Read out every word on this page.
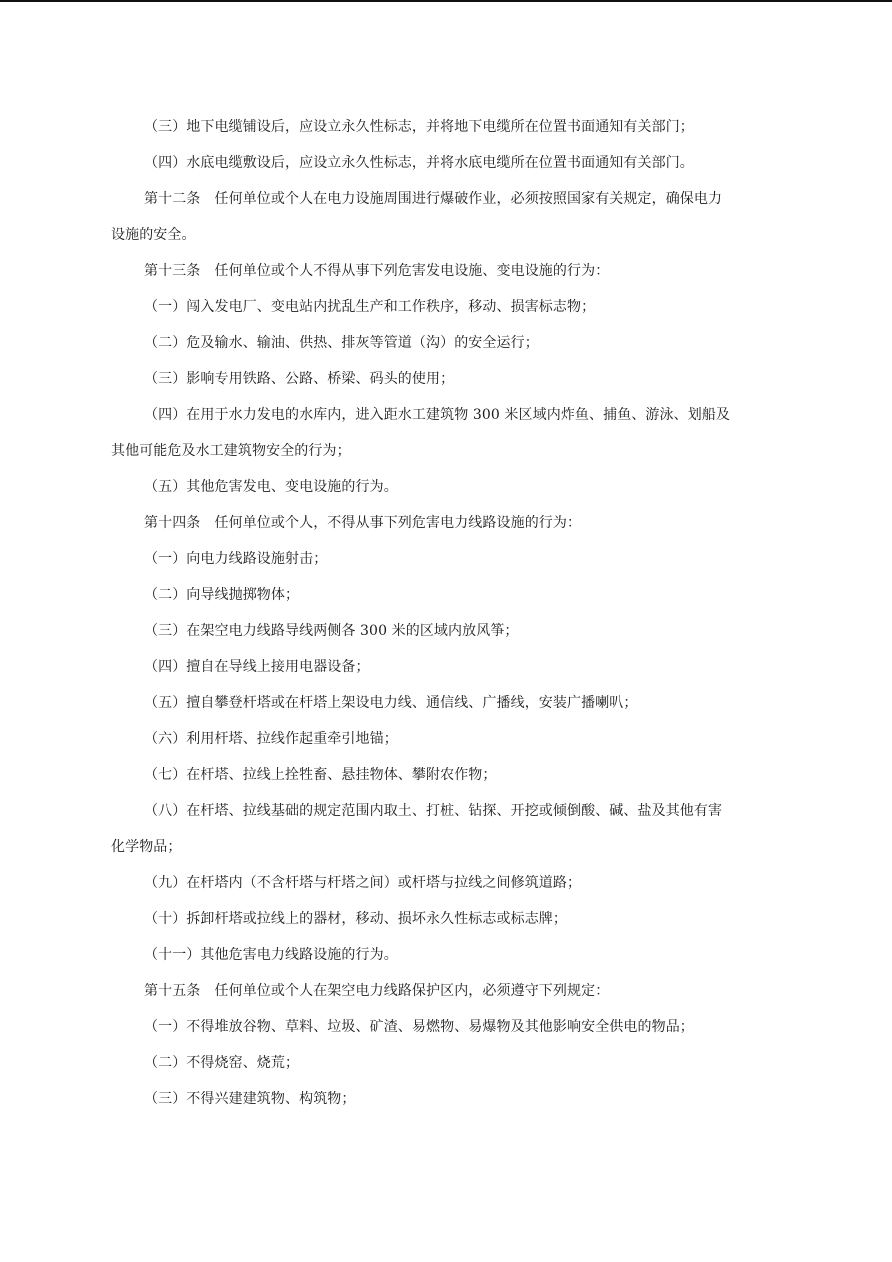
（三）地下电缆铺设后，应设立永久性标志，并将地下电缆所在位置书面通知有关部门；
（四）水底电缆敷设后，应设立永久性标志，并将水底电缆所在位置书面通知有关部门。
第十二条　任何单位或个人在电力设施周围进行爆破作业，必须按照国家有关规定，确保电力
设施的安全。
第十三条　任何单位或个人不得从事下列危害发电设施、变电设施的行为：
（一）闯入发电厂、变电站内扰乱生产和工作秩序，移动、损害标志物；
（二）危及输水、输油、供热、排灰等管道（沟）的安全运行；
（三）影响专用铁路、公路、桥梁、码头的使用；
（四）在用于水力发电的水库内，进入距水工建筑物 300 米区域内炸鱼、捕鱼、游泳、划船及
其他可能危及水工建筑物安全的行为；
（五）其他危害发电、变电设施的行为。
第十四条　任何单位或个人，不得从事下列危害电力线路设施的行为：
（一）向电力线路设施射击；
（二）向导线抛掷物体；
（三）在架空电力线路导线两侧各 300 米的区域内放风筝；
（四）擅自在导线上接用电器设备；
（五）擅自攀登杆塔或在杆塔上架设电力线、通信线、广播线，安装广播喇叭；
（六）利用杆塔、拉线作起重牵引地锚；
（七）在杆塔、拉线上拴牲畜、悬挂物体、攀附农作物；
（八）在杆塔、拉线基础的规定范围内取土、打桩、钻探、开挖或倾倒酸、碱、盐及其他有害
化学物品；
（九）在杆塔内（不含杆塔与杆塔之间）或杆塔与拉线之间修筑道路；
（十）拆卸杆塔或拉线上的器材，移动、损坏永久性标志或标志牌；
（十一）其他危害电力线路设施的行为。
第十五条　任何单位或个人在架空电力线路保护区内，必须遵守下列规定：
（一）不得堆放谷物、草料、垃圾、矿渣、易燃物、易爆物及其他影响安全供电的物品；
（二）不得烧窑、烧荒；
（三）不得兴建建筑物、构筑物；
